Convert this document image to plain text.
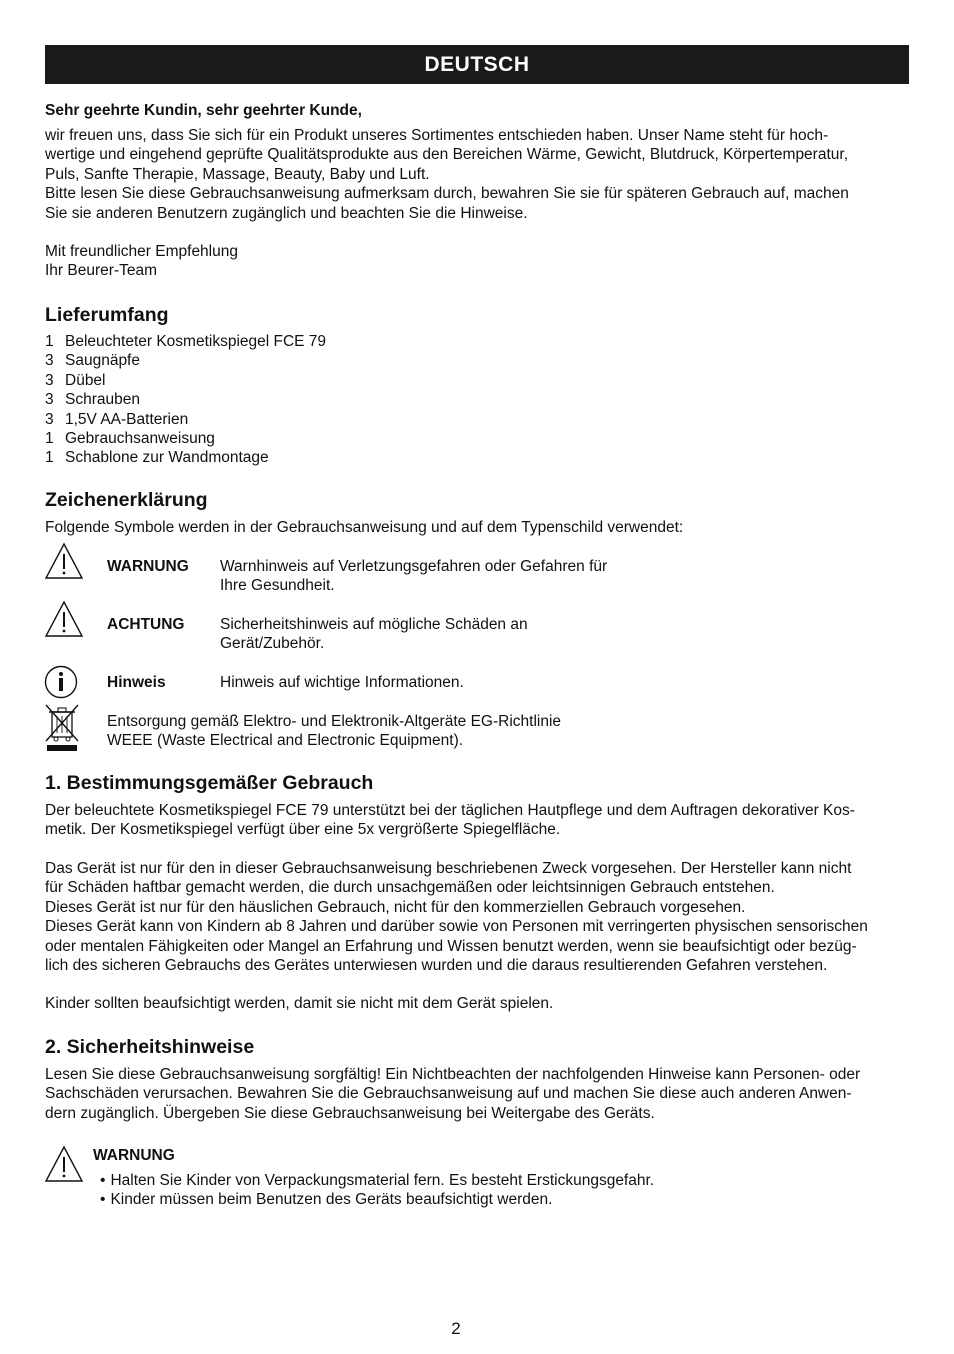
DEUTSCH
Sehr geehrte Kundin, sehr geehrter Kunde,
wir freuen uns, dass Sie sich für ein Produkt unseres Sortimentes entschieden haben. Unser Name steht für hoch-
wertige und eingehend geprüfte Qualitätsprodukte aus den Bereichen Wärme, Gewicht, Blutdruck, Körpertemperatur,
Puls, Sanfte Therapie, Massage, Beauty, Baby und Luft.
Bitte lesen Sie diese Gebrauchsanweisung aufmerksam durch, bewahren Sie sie für späteren Gebrauch auf, machen
Sie sie anderen Benutzern zugänglich und beachten Sie die Hinweise.
Mit freundlicher Empfehlung
Ihr Beurer-Team
Lieferumfang
1 Beleuchteter Kosmetikspiegel FCE 79
3 Saugnäpfe
3 Dübel
3 Schrauben
3 1,5V AA-Batterien
1 Gebrauchsanweisung
1 Schablone zur Wandmontage
Zeichenerklärung
Folgende Symbole werden in der Gebrauchsanweisung und auf dem Typenschild verwendet:
WARNUNG Warnhinweis auf Verletzungsgefahren oder Gefahren für
Ihre Gesundheit.
ACHTUNG Sicherheitshinweis auf mögliche Schäden an
Gerät/Zubehör.
Hinweis	Hinweis auf wichtige Informationen.
Entsorgung gemäß Elektro- und Elektronik-Altgeräte EG-Richtlinie
WEEE (Waste Electrical and Electronic Equipment).
1. Bestimmungsgemäßer Gebrauch
Der beleuchtete Kosmetikspiegel FCE 79 unterstützt bei der täglichen Hautpflege und dem Auftragen dekorativer Kos-
metik. Der Kosmetikspiegel verfügt über eine 5x vergrößerte Spiegelfläche.
Das Gerät ist nur für den in dieser Gebrauchsanweisung beschriebenen Zweck vorgesehen. Der Hersteller kann nicht
für Schäden haftbar gemacht werden, die durch unsachgemäßen oder leichtsinnigen Gebrauch entstehen.
Dieses Gerät ist nur für den häuslichen Gebrauch, nicht für den kommerziellen Gebrauch vorgesehen.
Dieses Gerät kann von Kindern ab 8 Jahren und darüber sowie von Personen mit verringerten physischen sensorischen
oder mentalen Fähigkeiten oder Mangel an Erfahrung und Wissen benutzt werden, wenn sie beaufsichtigt oder bezüg-
lich des sicheren Gebrauchs des Gerätes unterwiesen wurden und die daraus resultierenden Gefahren verstehen.
Kinder sollten beaufsichtigt werden, damit sie nicht mit dem Gerät spielen.
2. Sicherheitshinweise
Lesen Sie diese Gebrauchsanweisung sorgfältig! Ein Nichtbeachten der nachfolgenden Hinweise kann Personen- oder
Sachschäden verursachen. Bewahren Sie die Gebrauchsanweisung auf und machen Sie diese auch anderen Anwen-
dern zugänglich. Übergeben Sie diese Gebrauchsanweisung bei Weitergabe des Geräts.
WARNUNG
• Halten Sie Kinder von Verpackungsmaterial fern. Es besteht Erstickungsgefahr.
• Kinder müssen beim Benutzen des Geräts beaufsichtigt werden.
2
